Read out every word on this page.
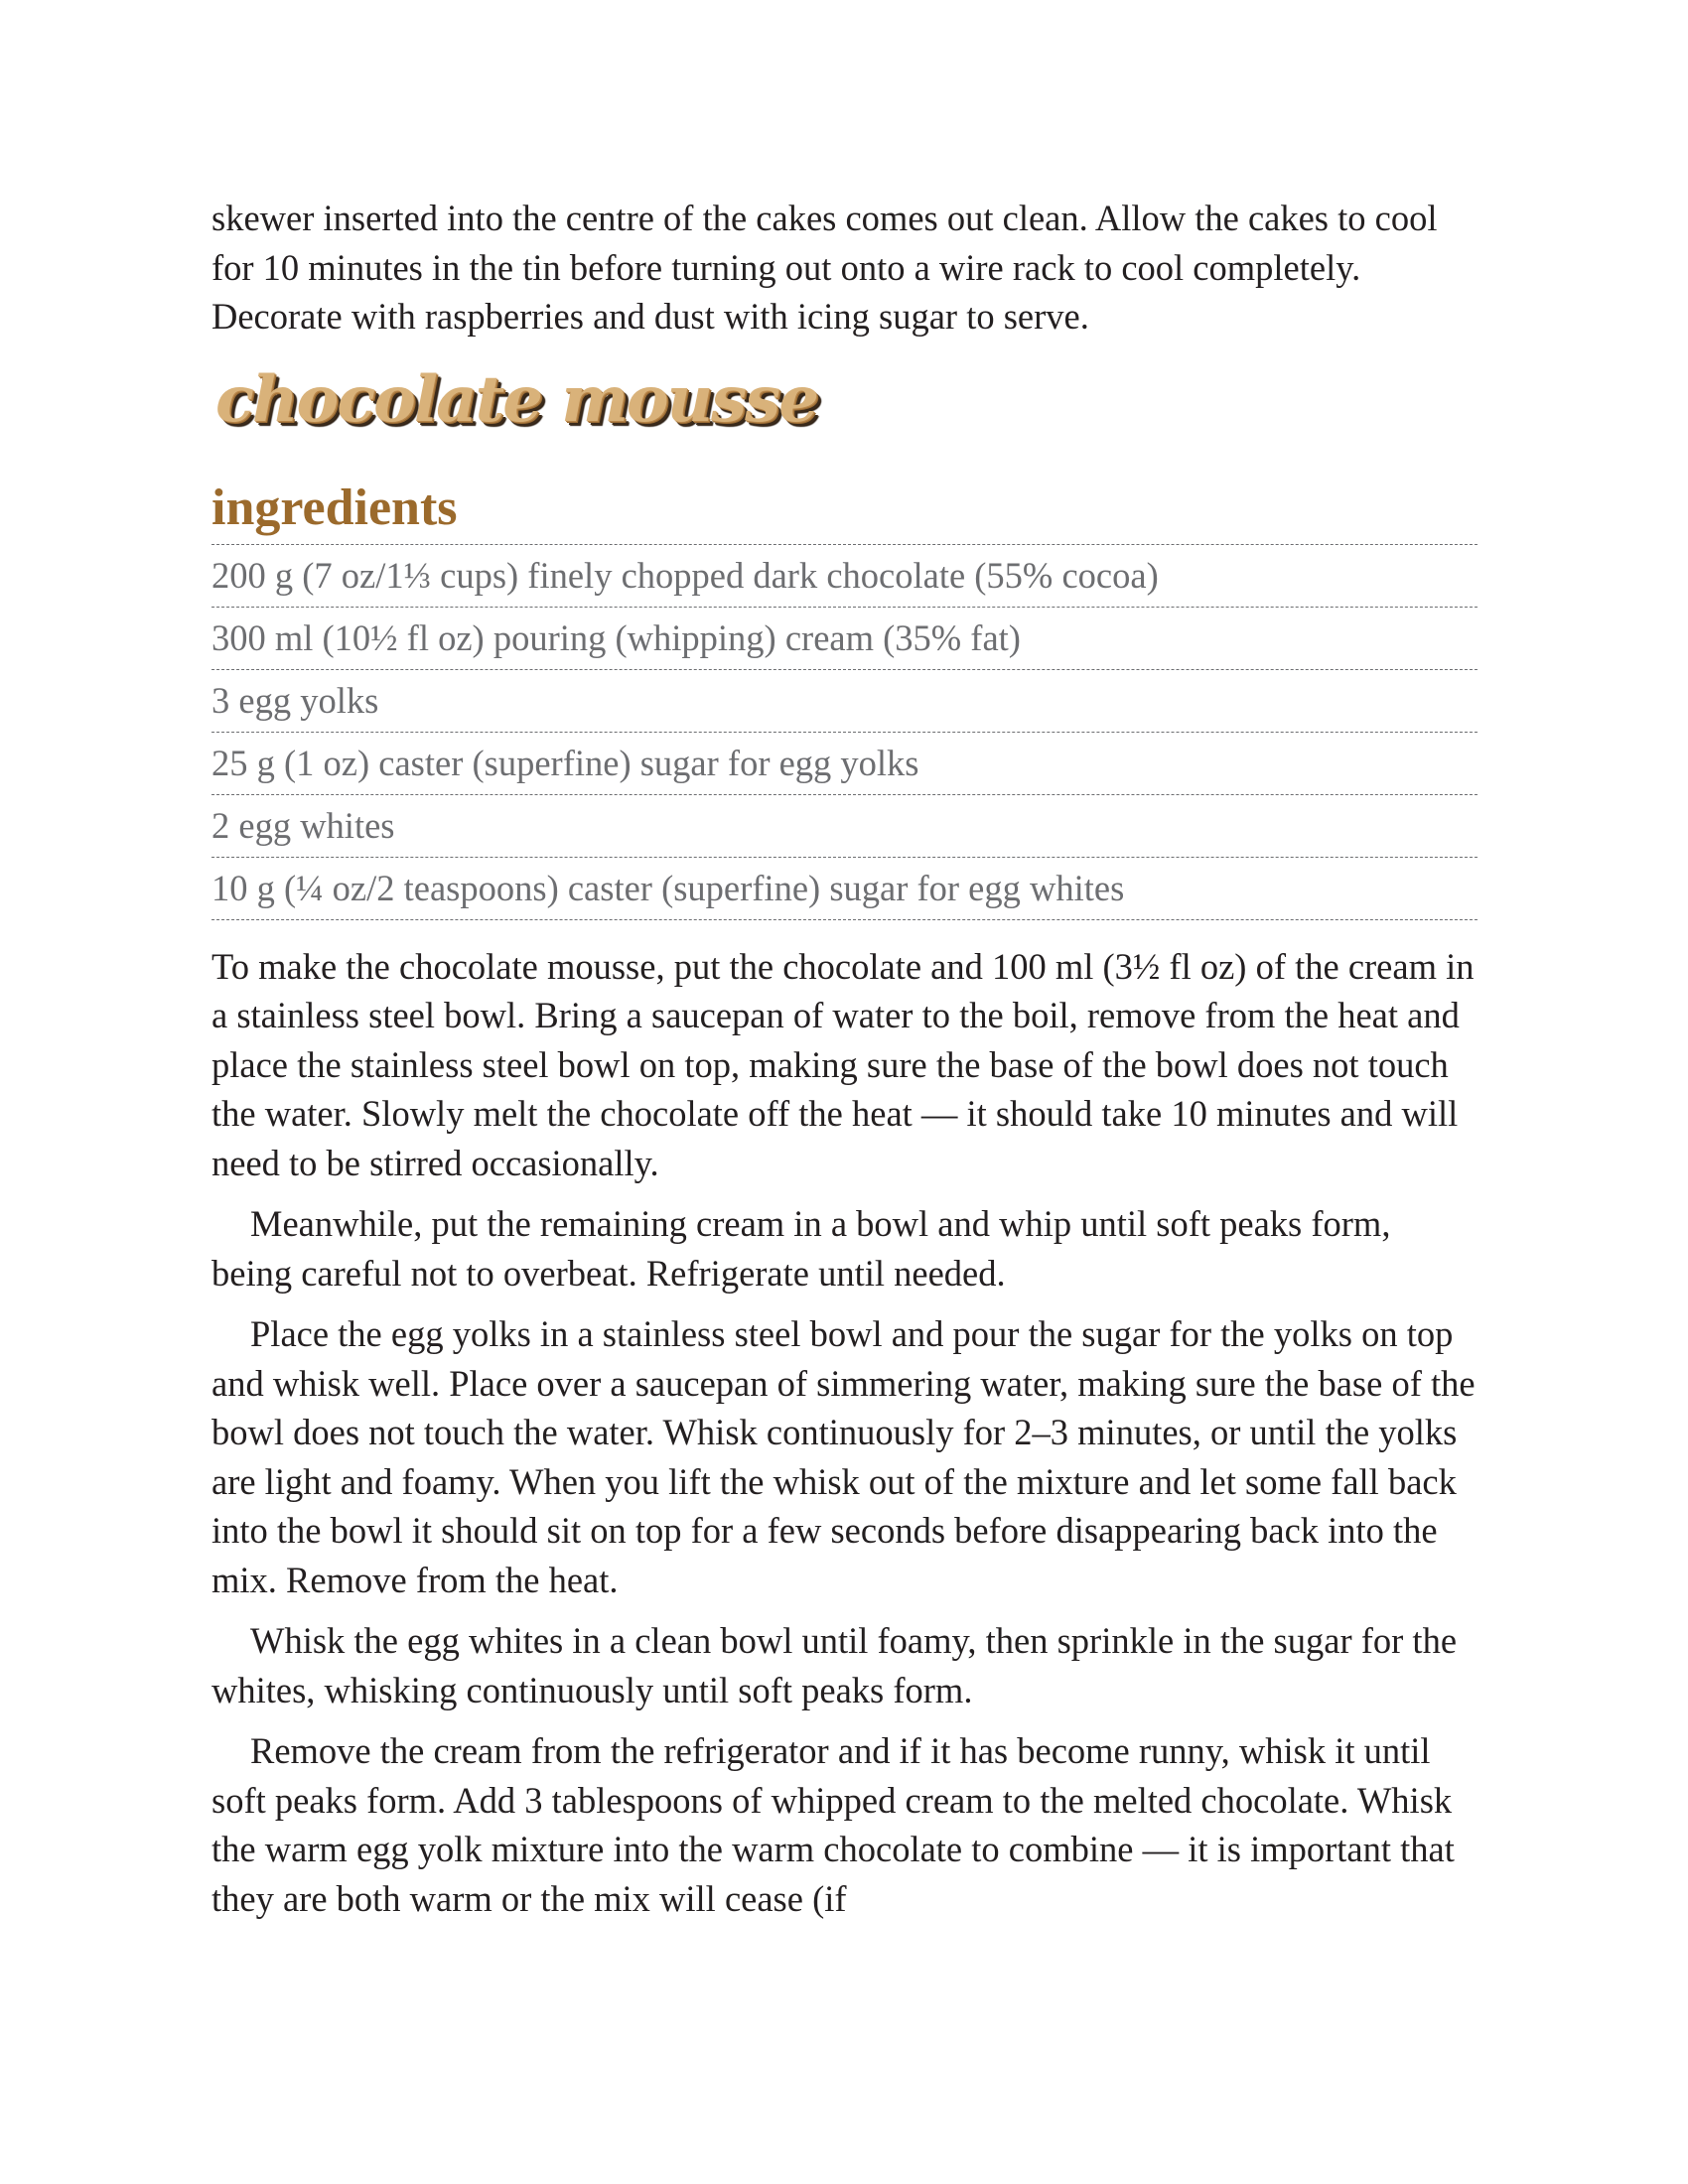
skewer inserted into the centre of the cakes comes out clean. Allow the cakes to cool for 10 minutes in the tin before turning out onto a wire rack to cool completely. Decorate with raspberries and dust with icing sugar to serve.

chocolate mousse
ingredients
200 g (7 oz/1⅓ cups) finely chopped dark chocolate (55% cocoa)
300 ml (10½ fl oz) pouring (whipping) cream (35% fat)
3 egg yolks
25 g (1 oz) caster (superfine) sugar for egg yolks
2 egg whites
10 g (¼ oz/2 teaspoons) caster (superfine) sugar for egg whites

To make the chocolate mousse, put the chocolate and 100 ml (3½ fl oz) of the cream in a stainless steel bowl. Bring a saucepan of water to the boil, remove from the heat and place the stainless steel bowl on top, making sure the base of the bowl does not touch the water. Slowly melt the chocolate off the heat — it should take 10 minutes and will need to be stirred occasionally.

Meanwhile, put the remaining cream in a bowl and whip until soft peaks form, being careful not to overbeat. Refrigerate until needed.

Place the egg yolks in a stainless steel bowl and pour the sugar for the yolks on top and whisk well. Place over a saucepan of simmering water, making sure the base of the bowl does not touch the water. Whisk continuously for 2–3 minutes, or until the yolks are light and foamy. When you lift the whisk out of the mixture and let some fall back into the bowl it should sit on top for a few seconds before disappearing back into the mix. Remove from the heat.

Whisk the egg whites in a clean bowl until foamy, then sprinkle in the sugar for the whites, whisking continuously until soft peaks form.

Remove the cream from the refrigerator and if it has become runny, whisk it until soft peaks form. Add 3 tablespoons of whipped cream to the melted chocolate. Whisk the warm egg yolk mixture into the warm chocolate to combine — it is important that they are both warm or the mix will cease (if
